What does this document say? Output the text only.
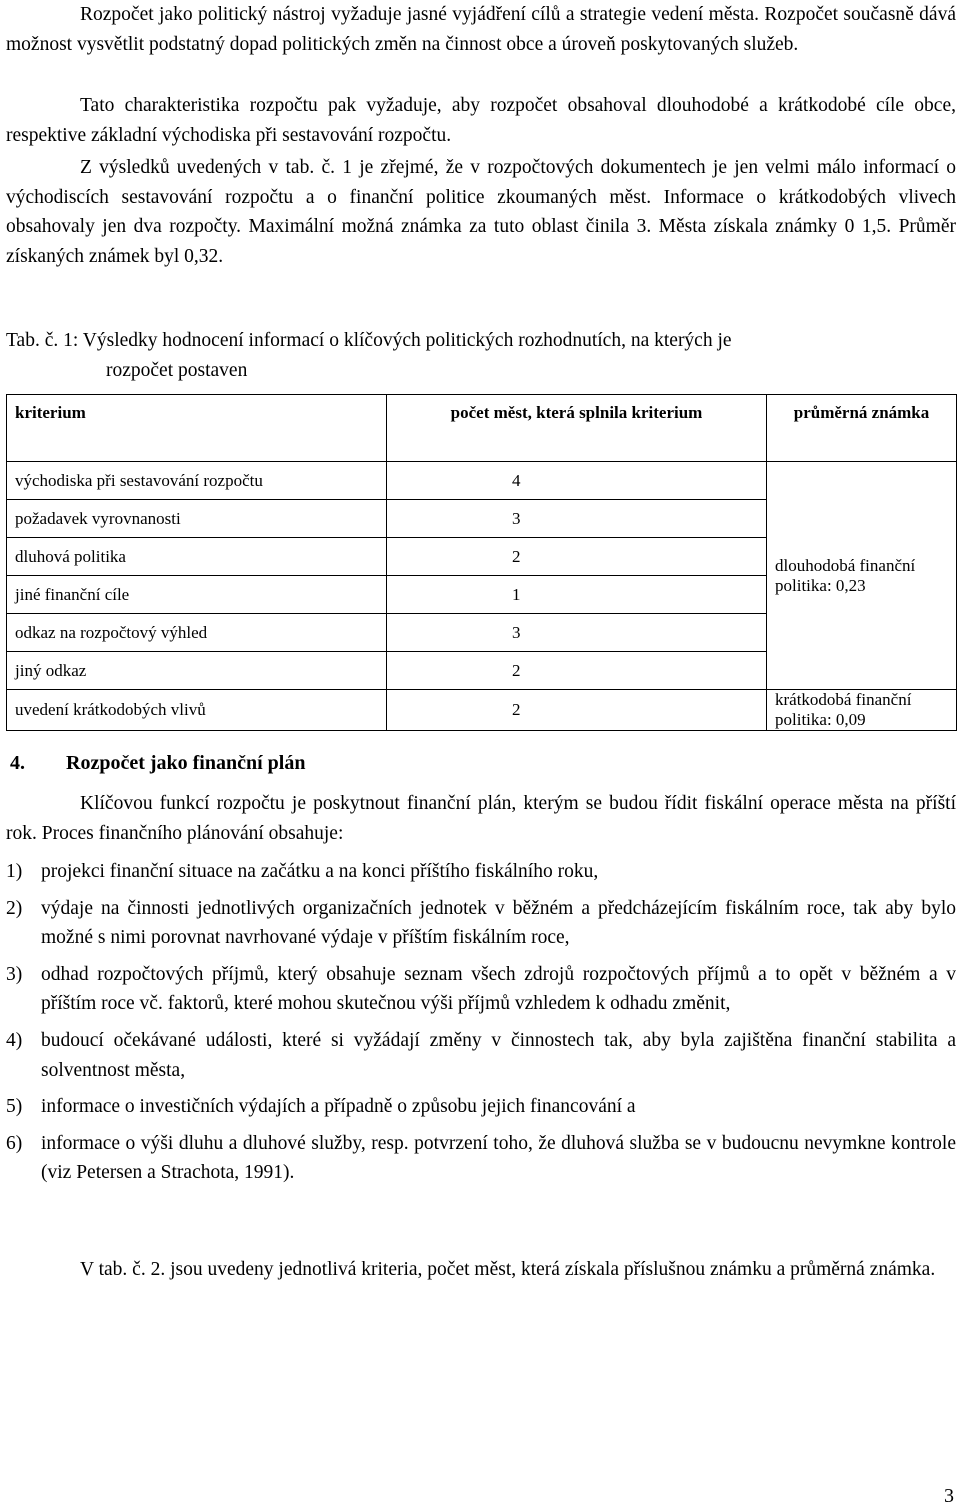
Rozpočet jako politický nástroj vyžaduje jasné vyjádření cílů a strategie vedení města. Rozpočet současně dává možnost vysvětlit podstatný dopad politických změn na činnost obce a úroveň poskytovaných služeb.

Tato charakteristika rozpočtu pak vyžaduje, aby rozpočet obsahoval dlouhodobé a krátkodobé cíle obce, respektive základní východiska při sestavování rozpočtu.

Z výsledků uvedených v tab. č. 1 je zřejmé, že v rozpočtových dokumentech je jen velmi málo informací o východiscích sestavování rozpočtu a o finanční politice zkoumaných měst. Informace o krátkodobých vlivech obsahovaly jen dva rozpočty. Maximální možná známka za tuto oblast činila 3. Města získala známky 0 1,5. Průměr získaných známek byl 0,32.

Tab. č. 1: Výsledky hodnocení informací o klíčových politických rozhodnutích, na kterých je
rozpočet postaven
kriterium	počet měst, která splnila kriterium	průměrná známka
východiska při sestavování rozpočtu	4	dlouhodobá finanční politika: 0,23
požadavek vyrovnanosti	3	
dluhová politika	2	
jiné finanční cíle	1	
odkaz na rozpočtový výhled	3	
jiný odkaz	2	
uvedení krátkodobých vlivů	2	krátkodobá finanční politika: 0,09
4. Rozpočet jako finanční plán

Klíčovou funkcí rozpočtu je poskytnout finanční plán, kterým se budou řídit fiskální operace města na příští rok. Proces finančního plánování obsahuje:

1) projekci finanční situace na začátku a na konci příštího fiskálního roku,
2) výdaje na činnosti jednotlivých organizačních jednotek v běžném a předcházejícím fiskálním roce, tak aby bylo možné s nimi porovnat navrhované výdaje v příštím fiskálním roce,
3) odhad rozpočtových příjmů, který obsahuje seznam všech zdrojů rozpočtových příjmů a to opět v běžném a v příštím roce vč. faktorů, které mohou skutečnou výši příjmů vzhledem k odhadu změnit,
4) budoucí očekávané události, které si vyžádají změny v činnostech tak, aby byla zajištěna finanční stabilita a solventnost města,
5) informace o investičních výdajích a případně o způsobu jejich financování a
6) informace o výši dluhu a dluhové služby, resp. potvrzení toho, že dluhová služba se v budoucnu nevymkne kontrole (viz Petersen a Strachota, 1991).

V tab. č. 2. jsou uvedeny jednotlivá kriteria, počet měst, která získala příslušnou známku a průměrná známka.

3
